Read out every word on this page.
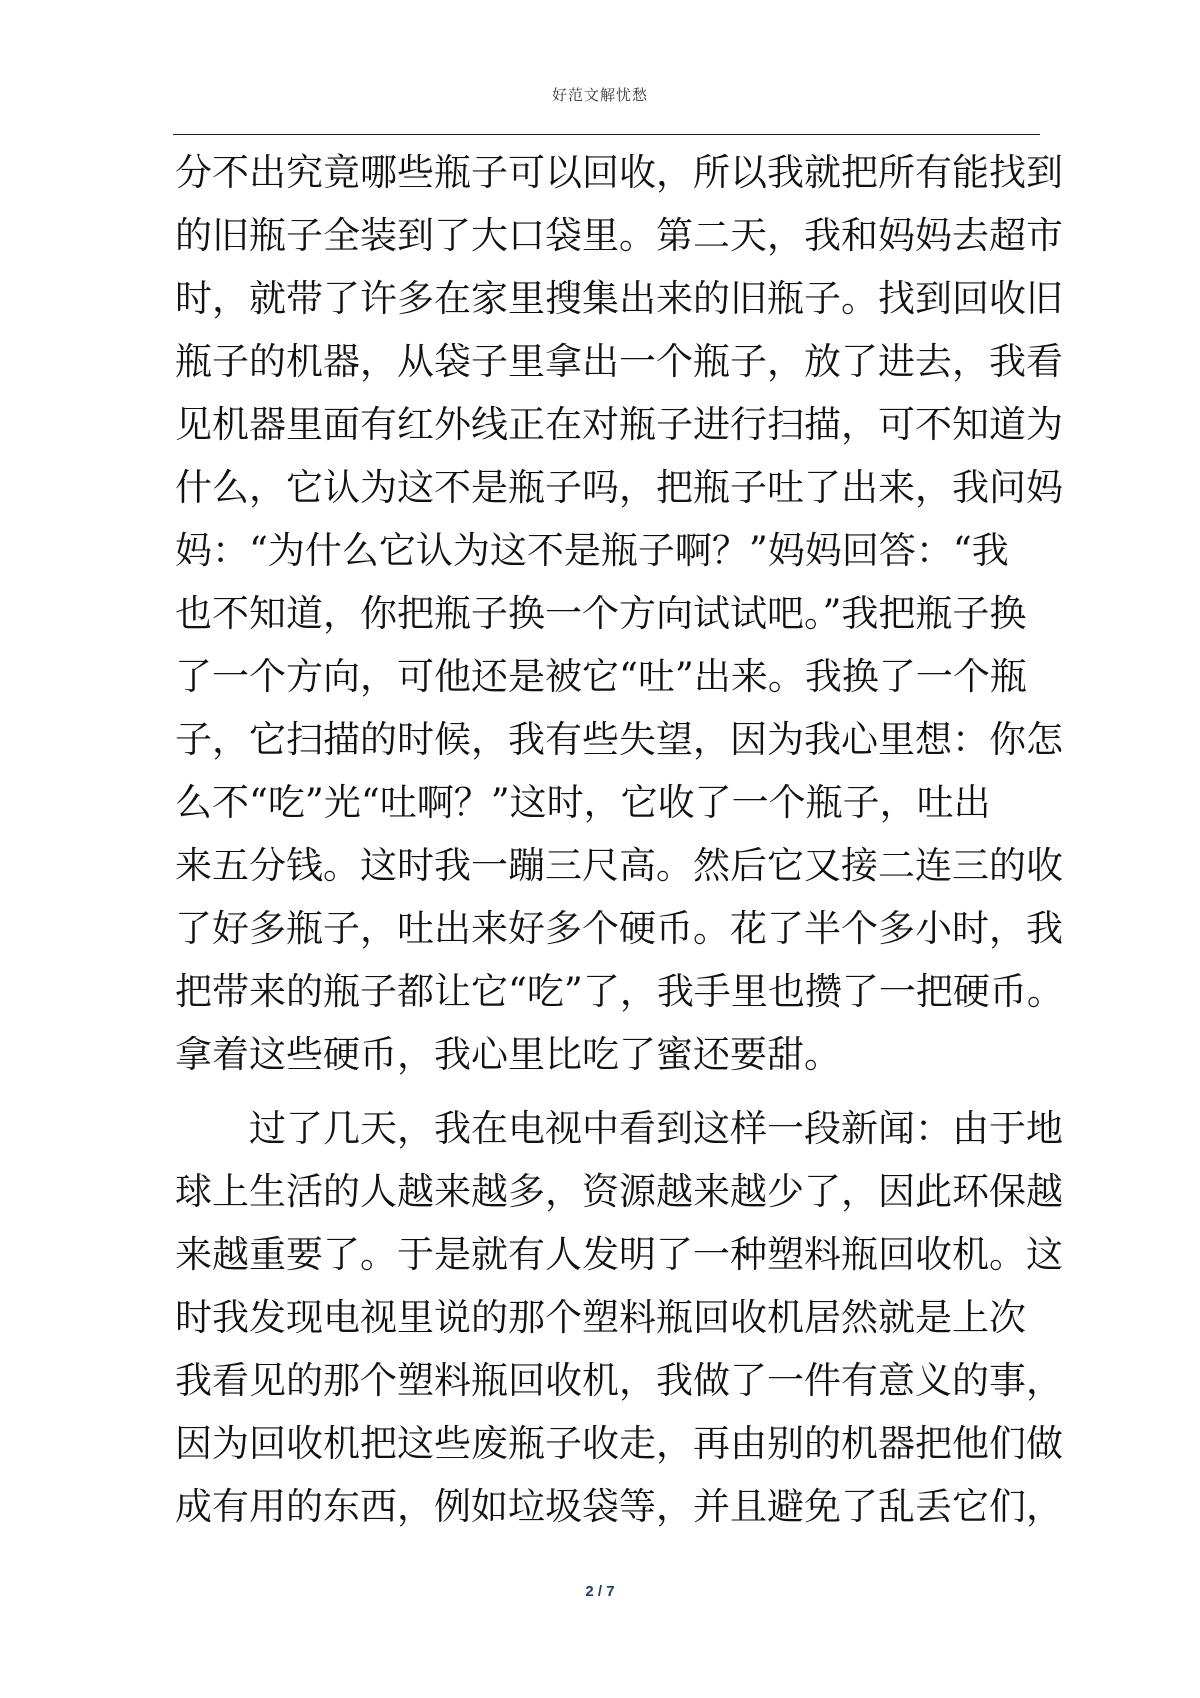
好范文解忧愁
分不出究竟哪些瓶子可以回收，所以我就把所有能找到
的旧瓶子全装到了大口袋里。第二天，我和妈妈去超市
时，就带了许多在家里搜集出来的旧瓶子。找到回收旧
瓶子的机器，从袋子里拿出一个瓶子，放了进去，我看
见机器里面有红外线正在对瓶子进行扫描，可不知道为
什么，它认为这不是瓶子吗，把瓶子吐了出来，我问妈
妈：“为什么它认为这不是瓶子啊？”妈妈回答：“我
也不知道，你把瓶子换一个方向试试吧。”我把瓶子换
了一个方向，可他还是被它“吐”出来。我换了一个瓶
子，它扫描的时候，我有些失望，因为我心里想：你怎
么不“吃”光“吐啊？”这时，它收了一个瓶子，吐出
来五分钱。这时我一蹦三尺高。然后它又接二连三的收
了好多瓶子，吐出来好多个硬币。花了半个多小时，我
把带来的瓶子都让它“吃”了，我手里也攒了一把硬币。
拿着这些硬币，我心里比吃了蜜还要甜。
过了几天，我在电视中看到这样一段新闻：由于地
球上生活的人越来越多，资源越来越少了，因此环保越
来越重要了。于是就有人发明了一种塑料瓶回收机。这
时我发现电视里说的那个塑料瓶回收机居然就是上次
我看见的那个塑料瓶回收机，我做了一件有意义的事，
因为回收机把这些废瓶子收走，再由别的机器把他们做
成有用的东西，例如垃圾袋等，并且避免了乱丢它们，
2 / 7
